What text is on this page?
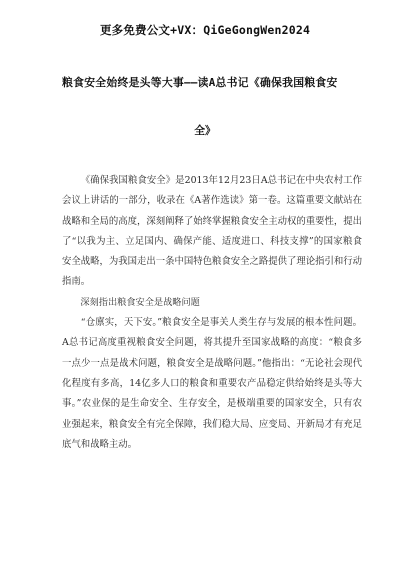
更多免费公文+VX：QiGeGongWen2024
粮食安全始终是头等大事——读A总书记《确保我国粮食安
全》

《确保我国粮食安全》是2013年12月23日A总书记在中央农村工作会议上讲话的一部分，收录在《A著作选读》第一卷。这篇重要文献站在战略和全局的高度，深刻阐释了始终掌握粮食安全主动权的重要性，提出了“以我为主、立足国内、确保产能、适度进口、科技支撑”的国家粮食安全战略，为我国走出一条中国特色粮食安全之路提供了理论指引和行动指南。

深刻指出粮食安全是战略问题

“仓廪实，天下安。”粮食安全是事关人类生存与发展的根本性问题。A总书记高度重视粮食安全问题，将其提升至国家战略的高度：“粮食多一点少一点是战术问题，粮食安全是战略问题。”他指出：“无论社会现代化程度有多高，14亿多人口的粮食和重要农产品稳定供给始终是头等大事。”农业保的是生命安全、生存安全，是极端重要的国家安全，只有农业强起来，粮食安全有完全保障，我们稳大局、应变局、开新局才有充足底气和战略主动。
